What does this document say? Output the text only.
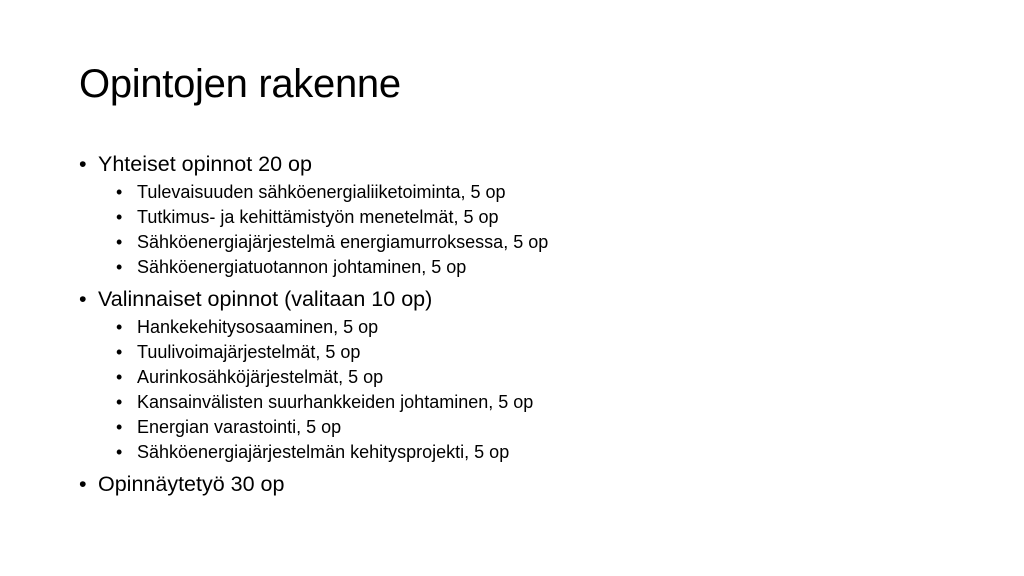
Opintojen rakenne
• Yhteiset opinnot 20 op
• Tulevaisuuden sähköenergialiiketoiminta, 5 op
• Tutkimus- ja kehittämistyön menetelmät, 5 op
• Sähköenergiajärjestelmä energiamurroksessa, 5 op
• Sähköenergiatuotannon johtaminen, 5 op
• Valinnaiset opinnot (valitaan 10 op)
• Hankekehitysosaaminen, 5 op
• Tuulivoimajärjestelmät, 5 op
• Aurinkosähköjärjestelmät, 5 op
• Kansainvälisten suurhankkeiden johtaminen, 5 op
• Energian varastointi, 5 op
• Sähköenergiajärjestelmän kehitysprojekti, 5 op
• Opinnäytetyö 30 op
